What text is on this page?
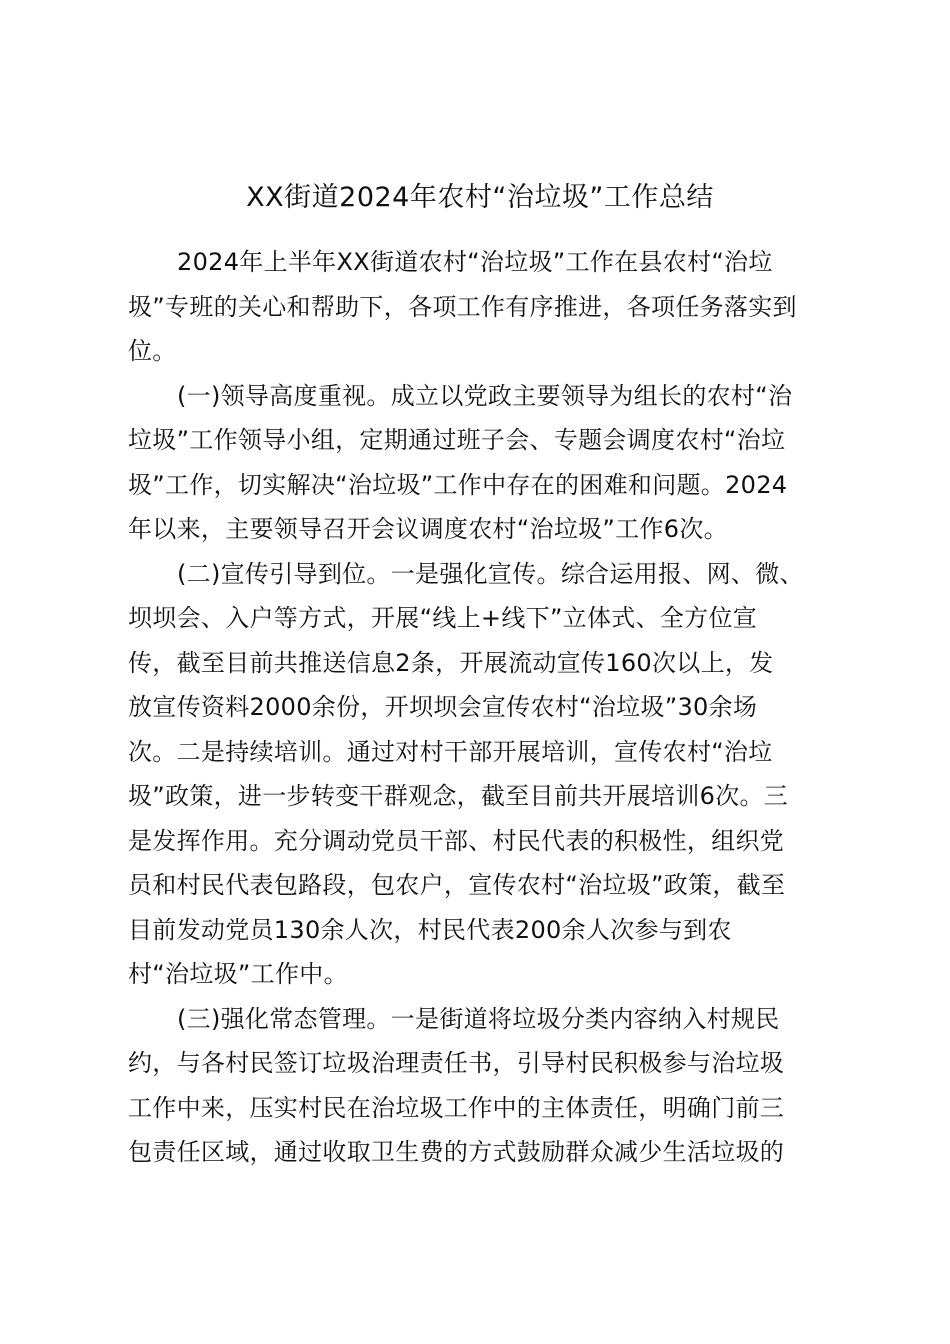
XX街道2024年农村“治垃圾”工作总结
2024年上半年XX街道农村“治垃圾”工作在县农村“治垃
圾”专班的关心和帮助下，各项工作有序推进，各项任务落实到
位。
(一)领导高度重视。成立以党政主要领导为组长的农村“治
垃圾”工作领导小组，定期通过班子会、专题会调度农村“治垃
圾”工作，切实解决“治垃圾”工作中存在的困难和问题。2024
年以来，主要领导召开会议调度农村“治垃圾”工作6次。
(二)宣传引导到位。一是强化宣传。综合运用报、网、微、
坝坝会、入户等方式，开展“线上+线下”立体式、全方位宣
传，截至目前共推送信息2条，开展流动宣传160次以上，发
放宣传资料2000余份，开坝坝会宣传农村“治垃圾”30余场
次。二是持续培训。通过对村干部开展培训，宣传农村“治垃
圾”政策，进一步转变干群观念，截至目前共开展培训6次。三
是发挥作用。充分调动党员干部、村民代表的积极性，组织党
员和村民代表包路段，包农户，宣传农村“治垃圾”政策，截至
目前发动党员130余人次，村民代表200余人次参与到农
村“治垃圾”工作中。
(三)强化常态管理。一是街道将垃圾分类内容纳入村规民
约，与各村民签订垃圾治理责任书，引导村民积极参与治垃圾
工作中来，压实村民在治垃圾工作中的主体责任，明确门前三
包责任区域，通过收取卫生费的方式鼓励群众减少生活垃圾的
